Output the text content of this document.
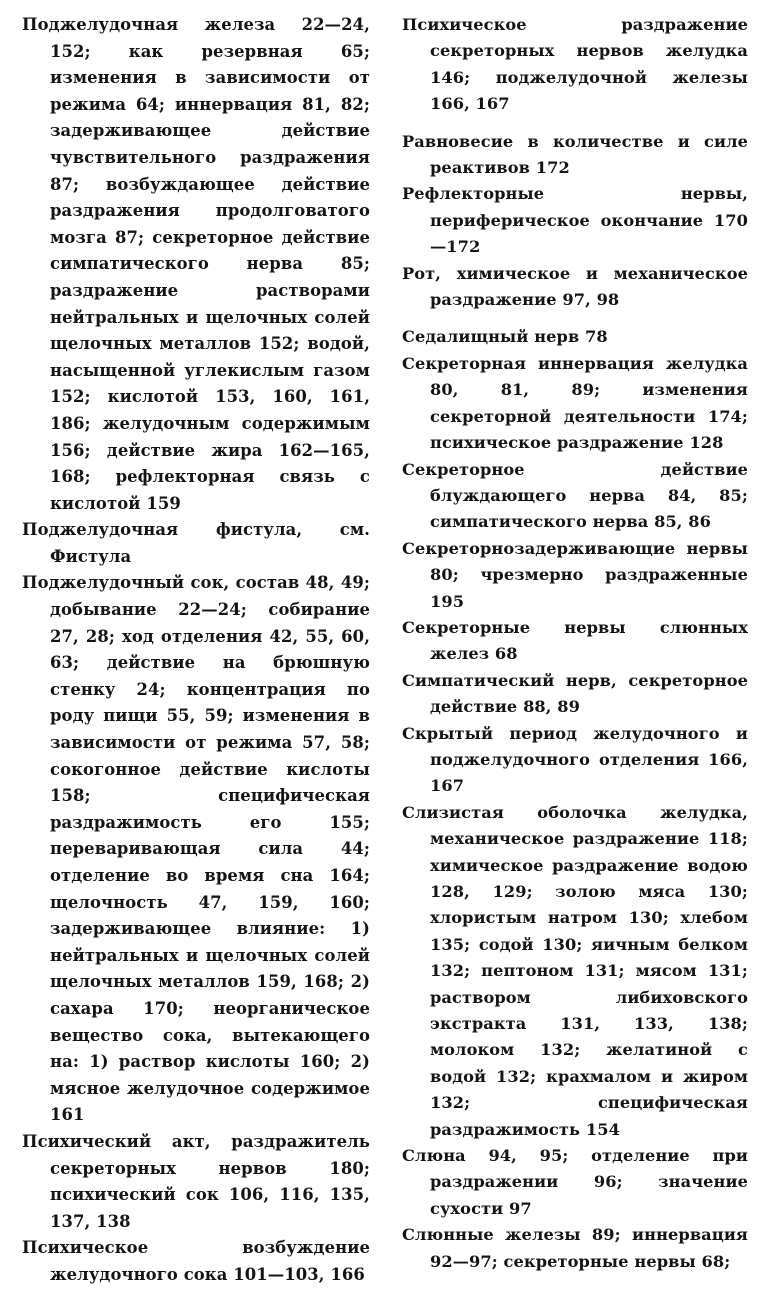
Поджелудочная железа 22—24, 152; как резервная 65; изменения в зависимости от режима 64; иннервация 81, 82; задерживающее действие чувствительного раздражения 87; возбуждающее действие раздражения продолговатого мозга 87; секреторное действие симпатического нерва 85; раздражение растворами нейтральных и щелочных солей щелочных металлов 152; водой, насыщенной углекислым газом 152; кислотой 153, 160, 161, 186; желудочным содержимым 156; действие жира 162—165, 168; рефлекторная связь с кислотой 159

Поджелудочная фистула, см. Фистула

Поджелудочный сок, состав 48, 49; добывание 22—24; собирание 27, 28; ход отделения 42, 55, 60, 63; действие на брюшную стенку 24; концентрация по роду пищи 55, 59; изменения в зависимости от режима 57, 58; сокогонное действие кислоты 158; специфическая раздражимость его 155; переваривающая сила 44; отделение во время сна 164; щелочность 47, 159, 160; задерживающее влияние: 1) нейтральных и щелочных солей щелочных металлов 159, 168; 2) сахара 170; неорганическое вещество сока, вытекающего на: 1) раствор кислоты 160; 2) мясное желудочное содержимое 161

Психический акт, раздражитель секреторных нервов 180; психический сок 106, 116, 135, 137, 138

Психическое возбуждение желудочного сока 101—103, 166

Психическое раздражение секреторных нервов желудка 146; поджелудочной железы 166, 167

Равновесие в количестве и силе реактивов 172

Рефлекторные нервы, периферическое окончание 170—172

Рот, химическое и механическое раздражение 97, 98

Седалищный нерв 78

Секреторная иннервация желудка 80, 81, 89; изменения секреторной деятельности 174; психическое раздражение 128

Секреторное действие блуждающего нерва 84, 85; симпатического нерва 85, 86

Секреторнозадерживающие нервы 80; чрезмерно раздраженные 195

Секреторные нервы слюнных желез 68

Симпатический нерв, секреторное действие 88, 89

Скрытый период желудочного и поджелудочного отделения 166, 167

Слизистая оболочка желудка, механическое раздражение 118; химическое раздражение водою 128, 129; золою мяса 130; хлористым натром 130; хлебом 135; содой 130; яичным белком 132; пептоном 131; мясом 131; раствором либиховского экстракта 131, 133, 138; молоком 132; желатиной с водой 132; крахмалом и жиром 132; специфическая раздражимость 154

Слюна 94, 95; отделение при раздражении 96; значение сухости 97

Слюнные железы 89; иннервация 92—97; секреторные нервы 68;
